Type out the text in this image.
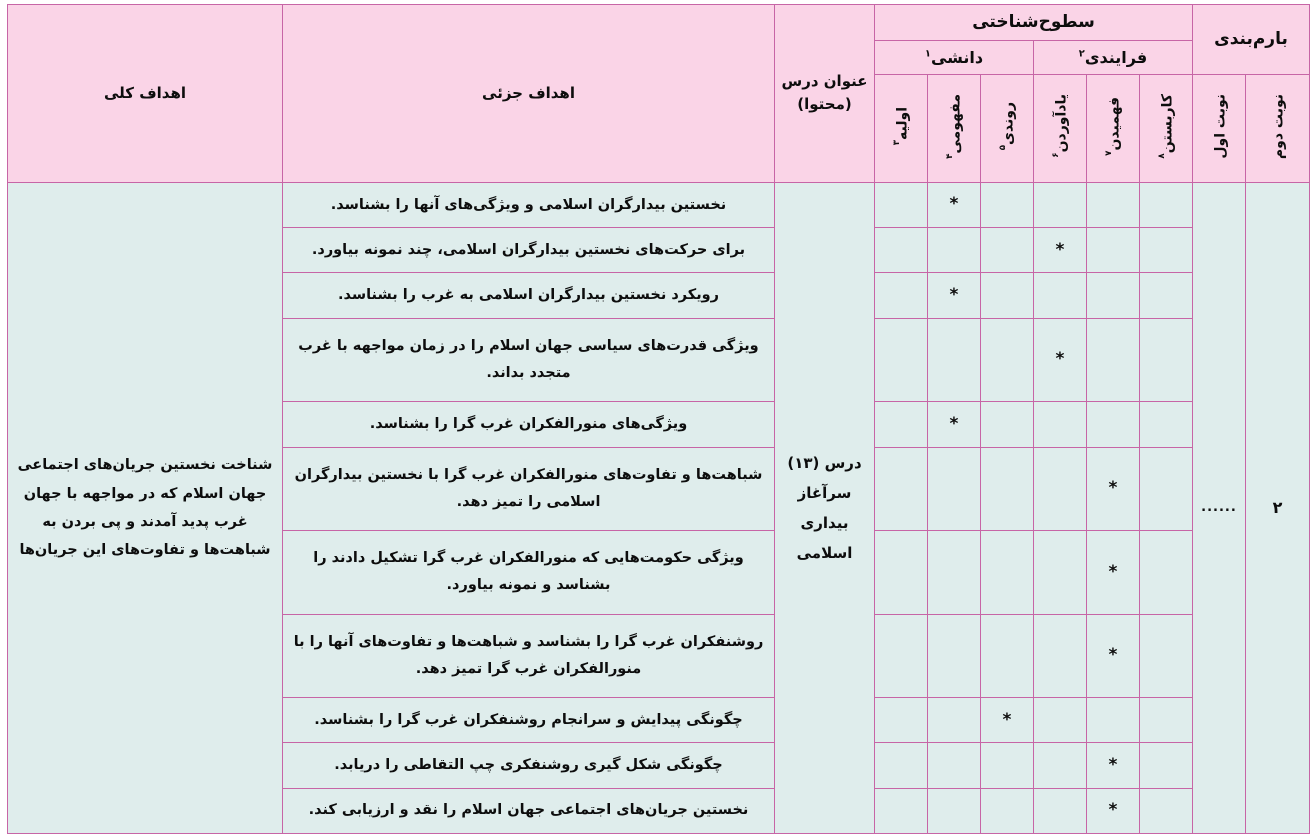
بارم‌بندی		سطوح‌شناختی						عنوان درس (محتوا)	اهداف جزئی	اهداف کلی
		فرایندی$^۲$			دانشی$^۱$
نوبت دوم	نوبت اول	کاربستن$^۸$	فهمیدن$^۷$	یادآوردن$^۶$	روندی$^۵$	مفهومی$^۴$	اولیه$^۳$
۲	......					*		درس (۱۳) سرآغاز بیداری اسلامی	نخستین بیدارگران اسلامی و ویژگی‌های آنها را بشناسد.	شناخت نخستین جریان‌های اجتماعی جهان اسلام که در مواجهه با جهان غرب پدید آمدند و پی بردن به شباهت‌ها و تفاوت‌های این جریان‌ها
				*					برای حرکت‌های نخستین بیدارگران اسلامی، چند نمونه بیاورد.	
						*			رویکرد نخستین بیدارگران اسلامی به غرب را بشناسد.	
				*					ویژگی قدرت‌های سیاسی جهان اسلام را در زمان مواجهه با غرب متجدد بداند.	
						*			ویژگی‌های منورالفکران غرب گرا را بشناسد.	
			*						شباهت‌ها و تفاوت‌های منورالفکران غرب گرا با نخستین بیدارگران اسلامی را تمیز دهد.	
			*						ویژگی حکومت‌هایی که منورالفکران غرب گرا تشکیل دادند را بشناسد و نمونه بیاورد.	
			*						روشنفکران غرب گرا را بشناسد و شباهت‌ها و تفاوت‌های آنها را با منورالفکران غرب گرا تمیز دهد.	
					*				چگونگی پیدایش و سرانجام روشنفکران غرب گرا را بشناسد.	
			*						چگونگی شکل گیری روشنفکری چپ التقاطی را دریابد.	
			*						نخستین جریان‌های اجتماعی جهان اسلام را نقد و ارزیابی کند.	
